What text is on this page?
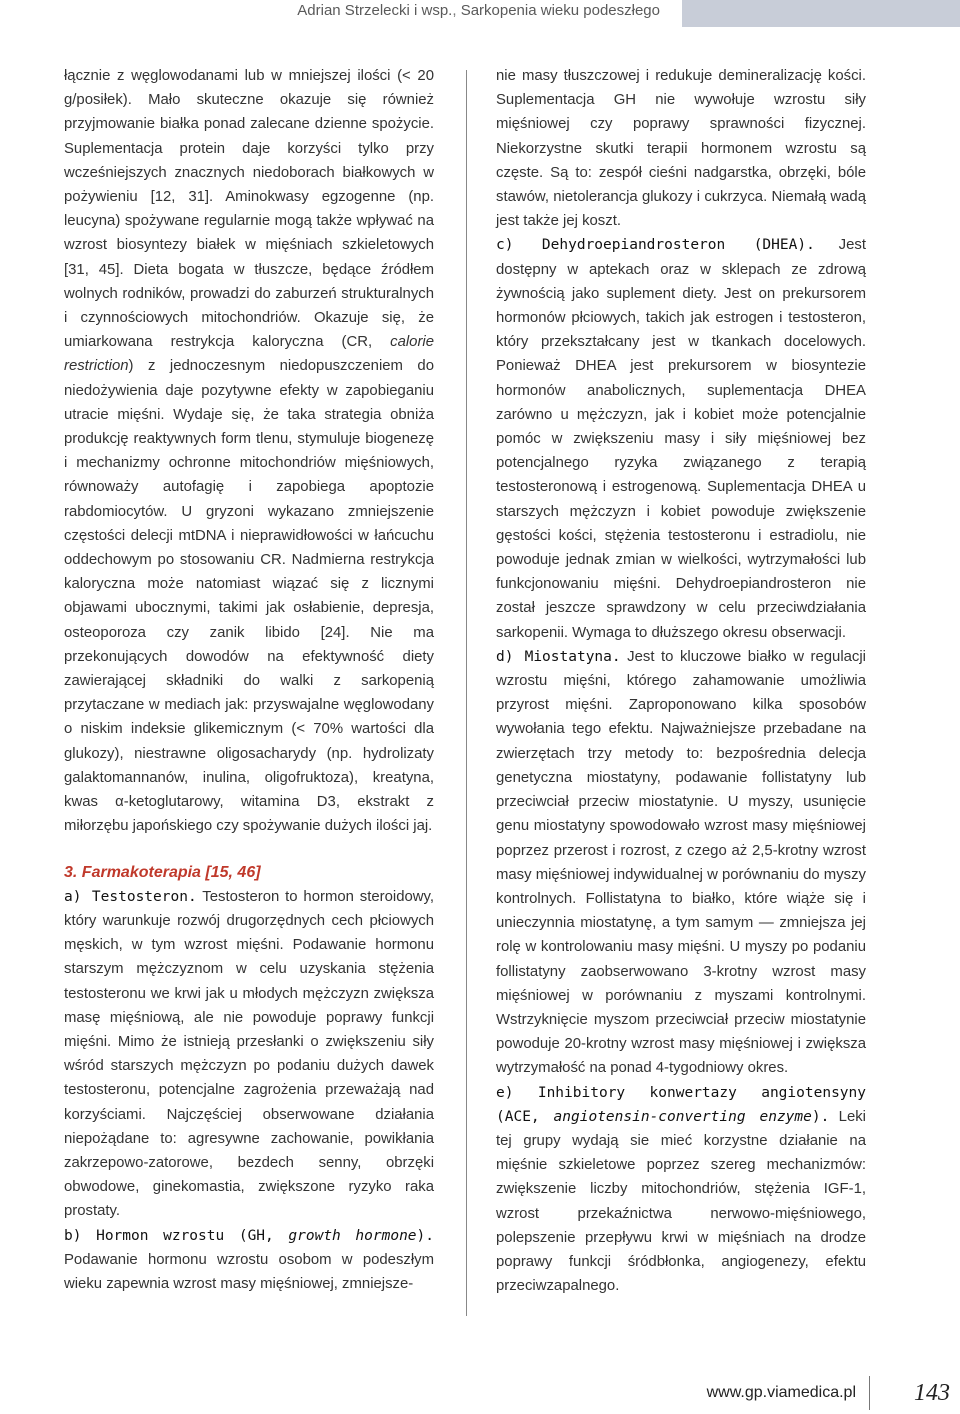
Adrian Strzelecki i wsp., Sarkopenia wieku podeszłego

łącznie z węglowodanami lub w mniejszej ilości (< 20 g/posiłek). Mało skuteczne okazuje się również przyjmowanie białka ponad zalecane dzienne spożycie. Suplementacja protein daje korzyści tylko przy wcześniejszych znacznych niedoborach białkowych w pożywieniu [12, 31]. Aminokwasy egzogenne (np. leucyna) spożywane regularnie mogą także wpływać na wzrost biosyntezy białek w mięśniach szkieletowych [31, 45]. Dieta bogata w tłuszcze, będące źródłem wolnych rodników, prowadzi do zaburzeń strukturalnych i czynnościowych mitochondriów. Okazuje się, że umiarkowana restrykcja kaloryczna (CR, calorie restriction) z jednoczesnym niedopuszczeniem do niedożywienia daje pozytywne efekty w zapobieganiu utracie mięśni. Wydaje się, że taka strategia obniża produkcję reaktywnych form tlenu, stymuluje biogenezę i mechanizmy ochronne mitochondriów mięśniowych, równoważy autofagię i zapobiega apoptozie rabdomiocytów. U gryzoni wykazano zmniejszenie częstości delecji mtDNA i nieprawidłowości w łańcuchu oddechowym po stosowaniu CR. Nadmierna restrykcja kaloryczna może natomiast wiązać się z licznymi objawami ubocznymi, takimi jak osłabienie, depresja, osteoporoza czy zanik libido [24]. Nie ma przekonujących dowodów na efektywność diety zawierającej składniki do walki z sarkopenią przytaczane w mediach jak: przyswajalne węglowodany o niskim indeksie glikemicznym (< 70% wartości dla glukozy), niestrawne oligosacharydy (np. hydrolizaty galaktomannanów, inulina, oligofruktoza), kreatyna, kwas α-ketoglutarowy, witamina D3, ekstrakt z miłorzębu japońskiego czy spożywanie dużych ilości jaj.

3. Farmakoterapia [15, 46]

a) Testosteron. Testosteron to hormon steroidowy, który warunkuje rozwój drugorzędnych cech płciowych męskich, w tym wzrost mięśni. Podawanie hormonu starszym mężczyznom w celu uzyskania stężenia testosteronu we krwi jak u młodych mężczyzn zwiększa masę mięśniową, ale nie powoduje poprawy funkcji mięśni. Mimo że istnieją przesłanki o zwiększeniu siły wśród starszych mężczyzn po podaniu dużych dawek testosteronu, potencjalne zagrożenia przeważają nad korzyściami. Najczęściej obserwowane działania niepożądane to: agresywne zachowanie, powikłania zakrzepowo-zatorowe, bezdech senny, obrzęki obwodowe, ginekomastia, zwiększone ryzyko raka prostaty.

b) Hormon wzrostu (GH, growth hormone). Podawanie hormonu wzrostu osobom w podeszłym wieku zapewnia wzrost masy mięśniowej, zmniejsze-

nie masy tłuszczowej i redukuje demineralizację kości. Suplementacja GH nie wywołuje wzrostu siły mięśniowej czy poprawy sprawności fizycznej. Niekorzystne skutki terapii hormonem wzrostu są częste. Są to: zespół cieśni nadgarstka, obrzęki, bóle stawów, nietolerancja glukozy i cukrzyca. Niemałą wadą jest także jej koszt.

c) Dehydroepiandrosteron (DHEA). Jest dostępny w aptekach oraz w sklepach ze zdrową żywnością jako suplement diety. Jest on prekursorem hormonów płciowych, takich jak estrogen i testosteron, który przekształcany jest w tkankach docelowych. Ponieważ DHEA jest prekursorem w biosyntezie hormonów anabolicznych, suplementacja DHEA zarówno u mężczyzn, jak i kobiet może potencjalnie pomóc w zwiększeniu masy i siły mięśniowej bez potencjalnego ryzyka związanego z terapią testosteronową i estrogenową. Suplementacja DHEA u starszych mężczyzn i kobiet powoduje zwiększenie gęstości kości, stężenia testosteronu i estradiolu, nie powoduje jednak zmian w wielkości, wytrzymałości lub funkcjonowaniu mięśni. Dehydroepiandrosteron nie został jeszcze sprawdzony w celu przeciwdziałania sarkopenii. Wymaga to dłuższego okresu obserwacji.

d) Miostatyna. Jest to kluczowe białko w regulacji wzrostu mięśni, którego zahamowanie umożliwia przyrost mięśni. Zaproponowano kilka sposobów wywołania tego efektu. Najważniejsze przebadane na zwierzętach trzy metody to: bezpośrednia delecja genetyczna miostatyny, podawanie follistatyny lub przeciwciał przeciw miostatynie. U myszy, usunięcie genu miostatyny spowodowało wzrost masy mięśniowej poprzez przerost i rozrost, z czego aż 2,5-krotny wzrost masy mięśniowej indywidualnej w porównaniu do myszy kontrolnych. Follistatyna to białko, które wiąże się i unieczynnia miostatynę, a tym samym — zmniejsza jej rolę w kontrolowaniu masy mięśni. U myszy po podaniu follistatyny zaobserwowano 3-krotny wzrost masy mięśniowej w porównaniu z myszami kontrolnymi. Wstrzyknięcie myszom przeciwciał przeciw miostatynie powoduje 20-krotny wzrost masy mięśniowej i zwiększa wytrzymałość na ponad 4-tygodniowy okres.

e) Inhibitory konwertazy angiotensyny (ACE, angiotensin-converting enzyme). Leki tej grupy wydają sie mieć korzystne działanie na mięśnie szkieletowe poprzez szereg mechanizmów: zwiększenie liczby mitochondriów, stężenia IGF-1, wzrost przekaźnictwa nerwowo-mięśniowego, polepszenie przepływu krwi w mięśniach na drodze poprawy funkcji śródbłonka, angiogenezy, efektu przeciwzapalnego.

www.gp.viamedica.pl	143
